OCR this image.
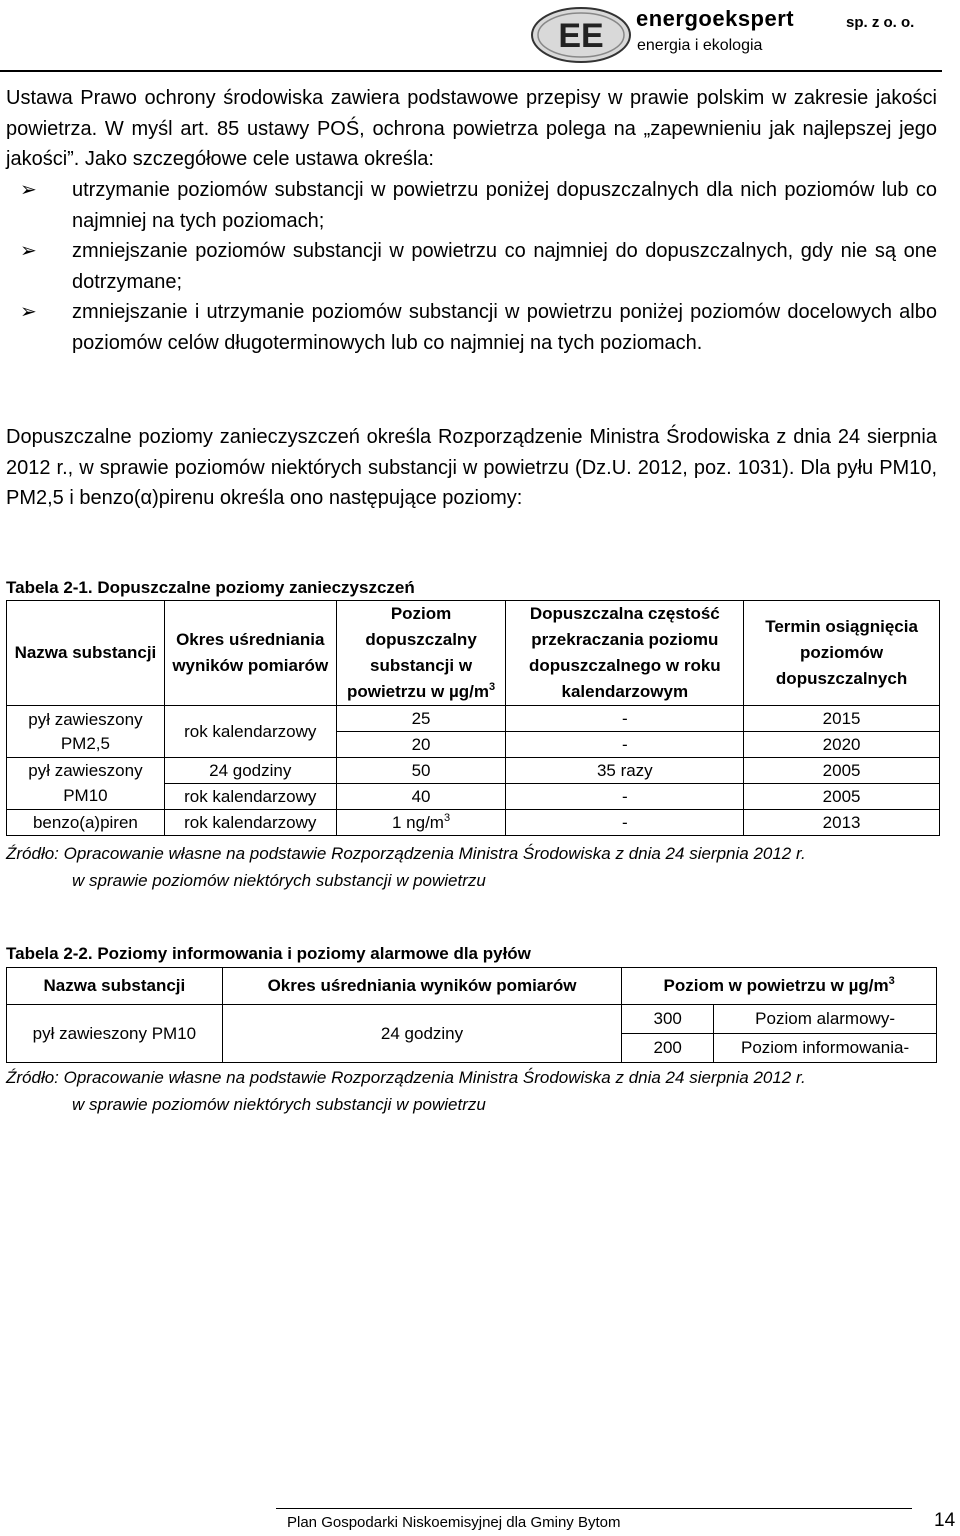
EE energoekspert
energia i ekologia
sp. z o. o.

Ustawa Prawo ochrony środowiska zawiera podstawowe przepisy w prawie polskim w zakresie jakości powietrza. W myśl art. 85 ustawy POŚ, ochrona powietrza polega na „zapewnieniu jak najlepszej jego jakości”. Jako szczegółowe cele ustawa określa:

➢ utrzymanie poziomów substancji w powietrzu poniżej dopuszczalnych dla nich poziomów lub co najmniej na tych poziomach;
➢ zmniejszanie poziomów substancji w powietrzu co najmniej do dopuszczalnych, gdy nie są one dotrzymane;
➢ zmniejszanie i utrzymanie poziomów substancji w powietrzu poniżej poziomów docelowych albo poziomów celów długoterminowych lub co najmniej na tych poziomach.

Dopuszczalne poziomy zanieczyszczeń określa Rozporządzenie Ministra Środowiska z dnia 24 sierpnia 2012 r., w sprawie poziomów niektórych substancji w powietrzu (Dz.U. 2012, poz. 1031). Dla pyłu PM10, PM2,5 i benzo(α)pirenu określa ono następujące poziomy:

Tabela 2-1. Dopuszczalne poziomy zanieczyszczeń
Nazwa substancji	Okres uśredniania wyników pomiarów	Poziom dopuszczalny substancji w powietrzu w $\mu g/m^3$	Dopuszczalna częstość przekraczania poziomu dopuszczalnego w roku kalendarzowym	Termin osiągnięcia poziomów dopuszczalnych
pył zawieszony PM2,5	rok kalendarzowy	25	-	2015
		20	-	2020
pył zawieszony	24 godziny	50	35 razy	2005
PM10	rok kalendarzowy	40	-	2005
benzo(a)piren	rok kalendarzowy	1 $ng/m^3$	-	2013
Źródło: Opracowanie własne na podstawie Rozporządzenia Ministra Środowiska z dnia 24 sierpnia 2012 r.
w sprawie poziomów niektórych substancji w powietrzu
Tabela 2-2. Poziomy informowania i poziomy alarmowe dla pyłów
Nazwa substancji	Okres uśredniania wyników pomiarów	Poziom w powietrzu w $\mu g/m^3$
pył zawieszony PM10	24 godziny	300	Poziom alarmowy-
		200	Poziom informowania-
Źródło: Opracowanie własne na podstawie Rozporządzenia Ministra Środowiska z dnia 24 sierpnia 2012 r.
w sprawie poziomów niektórych substancji w powietrzu
Plan Gospodarki Niskoemisyjnej dla Gminy Bytom	14
